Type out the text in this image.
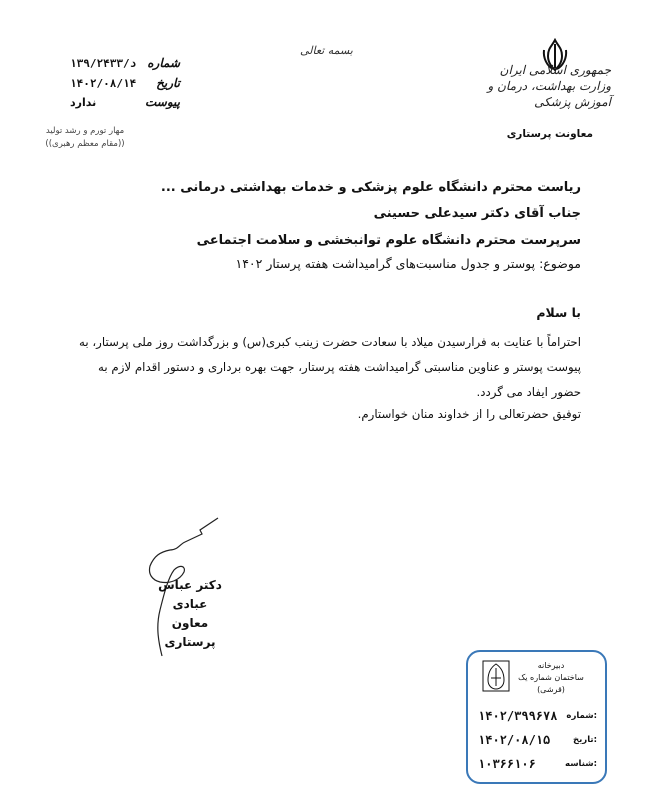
جمهوری اسلامی ایران
وزارت بهداشت، درمان و آموزش پزشکی
معاونت پرستاری
بسمه تعالی
شماره
د/۱۳۹/۲۴۳۳
تاریخ
۱۴۰۲/۰۸/۱۴
پیوست
ندارد
مهار تورم و رشد تولید
((مقام معظم رهبری))
ریاست محترم دانشگاه علوم پزشکی و خدمات بهداشتی درمانی ...
جناب آقای دکتر سیدعلی حسینی
سرپرست محترم دانشگاه علوم توانبخشی و سلامت اجتماعی
موضوع: پوستر و جدول مناسبت‌های گرامیداشت هفته پرستار ۱۴۰۲
با سلام
احتراماً با عنایت به فرارسیدن میلاد با سعادت حضرت زینب کبری(س) و بزرگداشت روز ملی پرستار، به پیوست پوستر و عناوین مناسبتی گرامیداشت هفته پرستار، جهت بهره برداری و دستور اقدام لازم به حضور ایفاد می گردد.
توفیق حضرتعالی را از خداوند منان خواستارم.
دکتر عباس عبادی
معاون پرستاری
دبیرخانه
ساختمان شماره یک
(قرشی)
شماره:
۱۴۰۲/۳۹۹۶۷۸
تاریخ:
۱۴۰۲/۰۸/۱۵
شناسه:
۱۰۳۶۶۱۰۶
